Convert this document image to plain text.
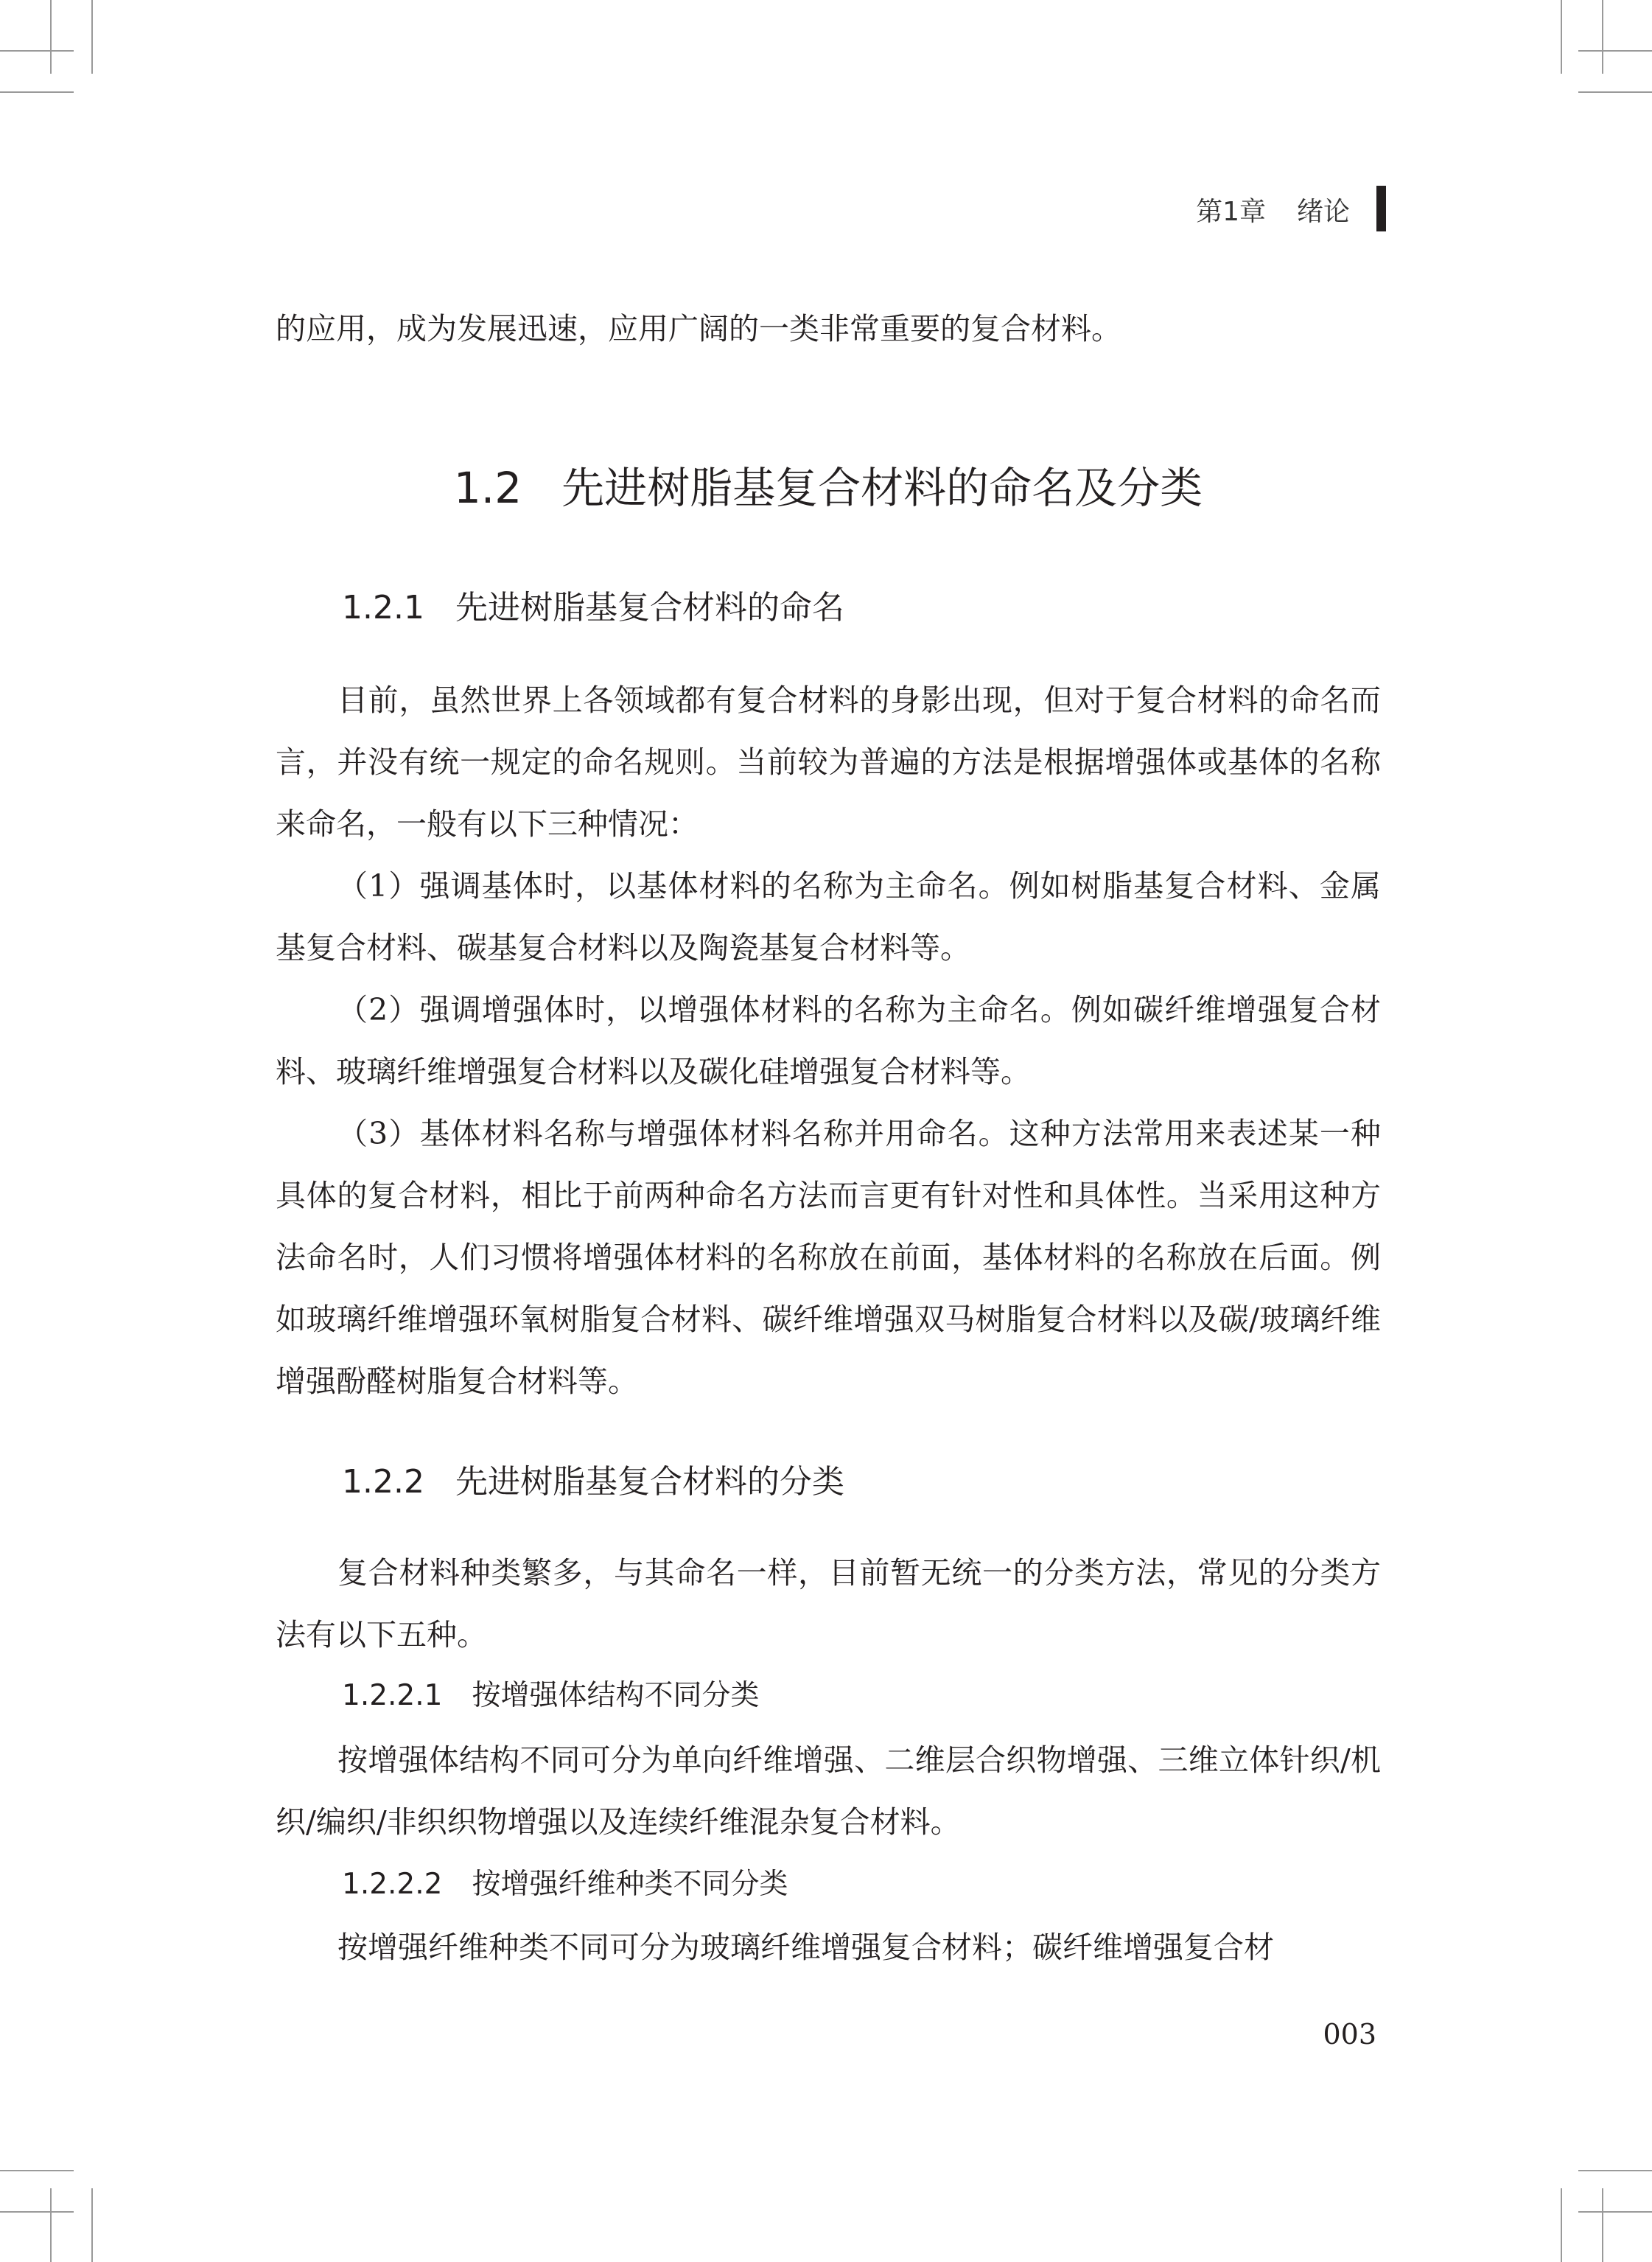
第1章 绪论

的应用，成为发展迅速，应用广阔的一类非常重要的复合材料。

1.2 先进树脂基复合材料的命名及分类
1.2.1 先进树脂基复合材料的命名

目前，虽然世界上各领域都有复合材料的身影出现，但对于复合材料的命名而言，并没有统一规定的命名规则。当前较为普遍的方法是根据增强体或基体的名称来命名，一般有以下三种情况：

（1）强调基体时，以基体材料的名称为主命名。例如树脂基复合材料、金属基复合材料、碳基复合材料以及陶瓷基复合材料等。

（2）强调增强体时，以增强体材料的名称为主命名。例如碳纤维增强复合材料、玻璃纤维增强复合材料以及碳化硅增强复合材料等。

（3）基体材料名称与增强体材料名称并用命名。这种方法常用来表述某一种具体的复合材料，相比于前两种命名方法而言更有针对性和具体性。当采用这种方法命名时，人们习惯将增强体材料的名称放在前面，基体材料的名称放在后面。例如玻璃纤维增强环氧树脂复合材料、碳纤维增强双马树脂复合材料以及碳/玻璃纤维增强酚醛树脂复合材料等。

1.2.2 先进树脂基复合材料的分类

复合材料种类繁多，与其命名一样，目前暂无统一的分类方法，常见的分类方法有以下五种。

1.2.2.1 按增强体结构不同分类

按增强体结构不同可分为单向纤维增强、二维层合织物增强、三维立体针织/机织/编织/非织织物增强以及连续纤维混杂复合材料。

1.2.2.2 按增强纤维种类不同分类

按增强纤维种类不同可分为玻璃纤维增强复合材料；碳纤维增强复合材

003
